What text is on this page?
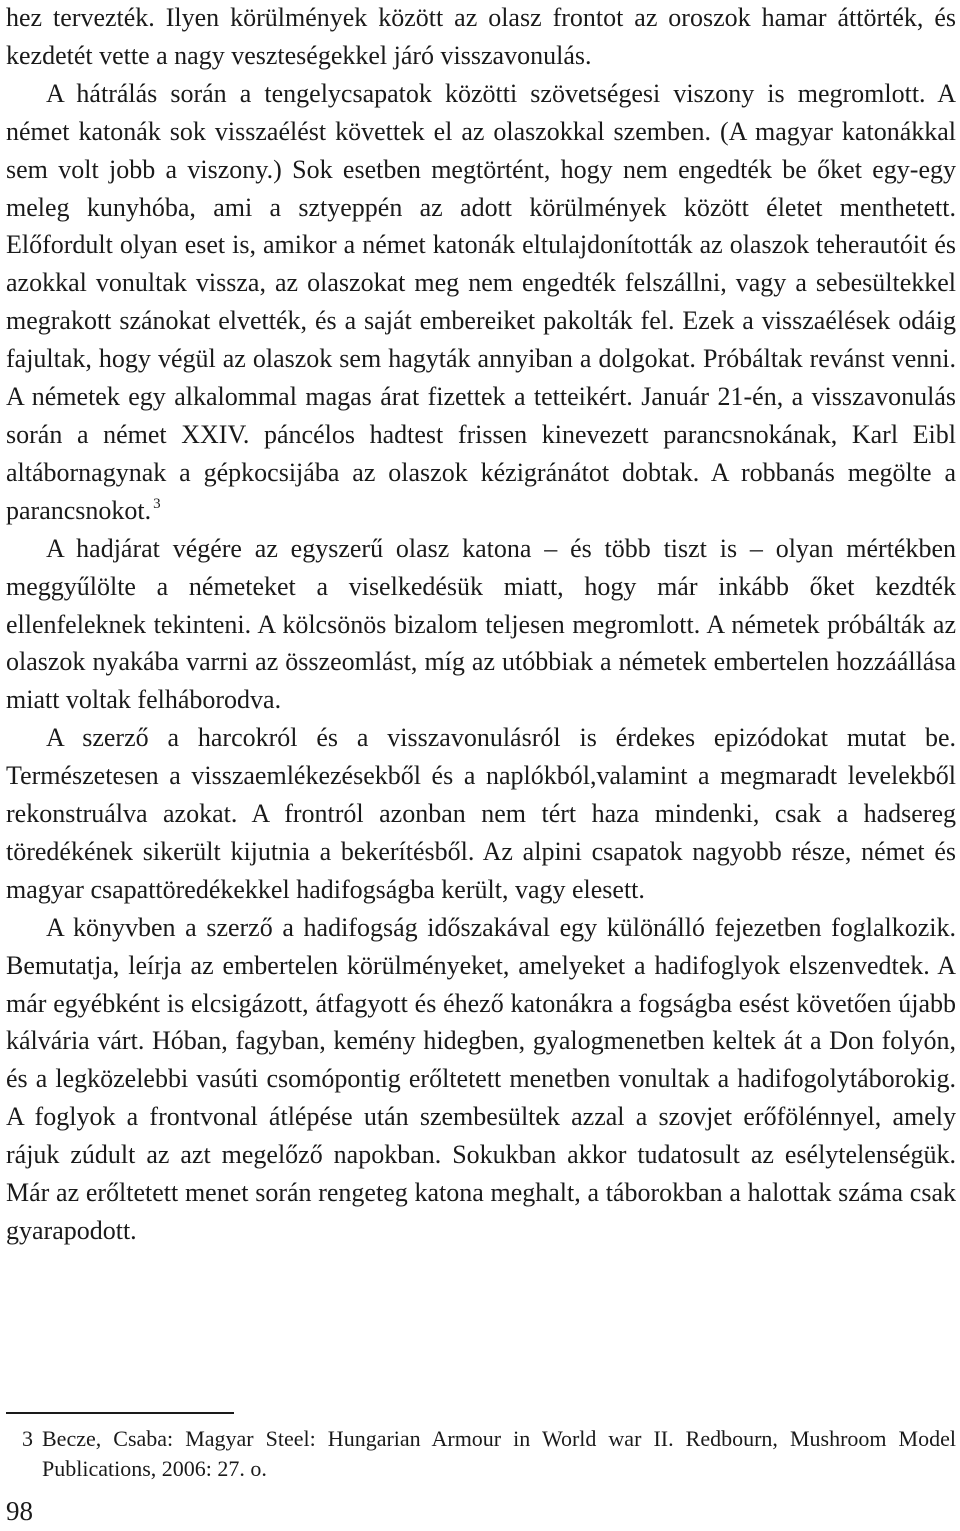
hez tervezték. Ilyen körülmények között az olasz frontot az oroszok hamar áttörték, és kezdetét vette a nagy veszteségekkel járó visszavonulás.

A hátrálás során a tengelycsapatok közötti szövetségesi viszony is megromlott. A német katonák sok visszaélést követtek el az olaszokkal szemben. (A magyar katonákkal sem volt jobb a viszony.) Sok esetben megtörtént, hogy nem engedték be őket egy-egy meleg kunyhóba, ami a sztyeppén az adott körülmények között életet menthetett. Előfordult olyan eset is, amikor a német katonák eltulajdonították az olaszok teherautóit és azokkal vonultak vissza, az olaszokat meg nem engedték felszállni, vagy a sebesültekkel megrakott szánokat elvették, és a saját embereiket pakolták fel. Ezek a visszaélések odáig fajultak, hogy végül az olaszok sem hagyták annyiban a dolgokat. Próbáltak revánst venni. A németek egy alkalommal magas árat fizettek a tetteikért. Január 21-én, a visszavonulás során a német XXIV. páncélos hadtest frissen kinevezett parancsnokának, Karl Eibl altábornagynak a gépkocsijába az olaszok kézigránátot dobtak. A robbanás megölte a parancsnokot. $^3$

A hadjárat végére az egyszerű olasz katona – és több tiszt is – olyan mértékben meggyűlölte a németeket a viselkedésük miatt, hogy már inkább őket kezdték ellenfeleknek tekinteni. A kölcsönös bizalom teljesen megromlott. A németek próbálták az olaszok nyakába varrni az összeomlást, míg az utóbbiak a németek embertelen hozzáállása miatt voltak felháborodva.

A szerző a harcokról és a visszavonulásról is érdekes epizódokat mutat be. Természetesen a visszaemlékezésekből és a naplókból,valamint a megmaradt levelekből rekonstruálva azokat. A frontról azonban nem tért haza mindenki, csak a hadsereg töredékének sikerült kijutnia a bekerítésből. Az alpini csapatok nagyobb része, német és magyar csapattöredékekkel hadifogságba került, vagy elesett.

A könyvben a szerző a hadifogság időszakával egy különálló fejezetben foglalkozik. Bemutatja, leírja az embertelen körülményeket, amelyeket a hadifoglyok elszenvedtek. A már egyébként is elcsigázott, átfagyott és éhező katonákra a fogságba esést követően újabb kálvária várt. Hóban, fagyban, kemény hidegben, gyalogmenetben keltek át a Don folyón, és a legközelebbi vasúti csomópontig erőltetett menetben vonultak a hadifogolytáborokig. A foglyok a frontvonal átlépése után szembesültek azzal a szovjet erőfölénnyel, amely rájuk zúdult az azt megelőző napokban. Sokukban akkor tudatosult az esélytelenségük. Már az erőltetett menet során rengeteg katona meghalt, a táborokban a halottak száma csak gyarapodott.

3 Becze, Csaba: Magyar Steel: Hungarian Armour in World war II. Redbourn, Mushroom Model Publications, 2006: 27. o.
98
